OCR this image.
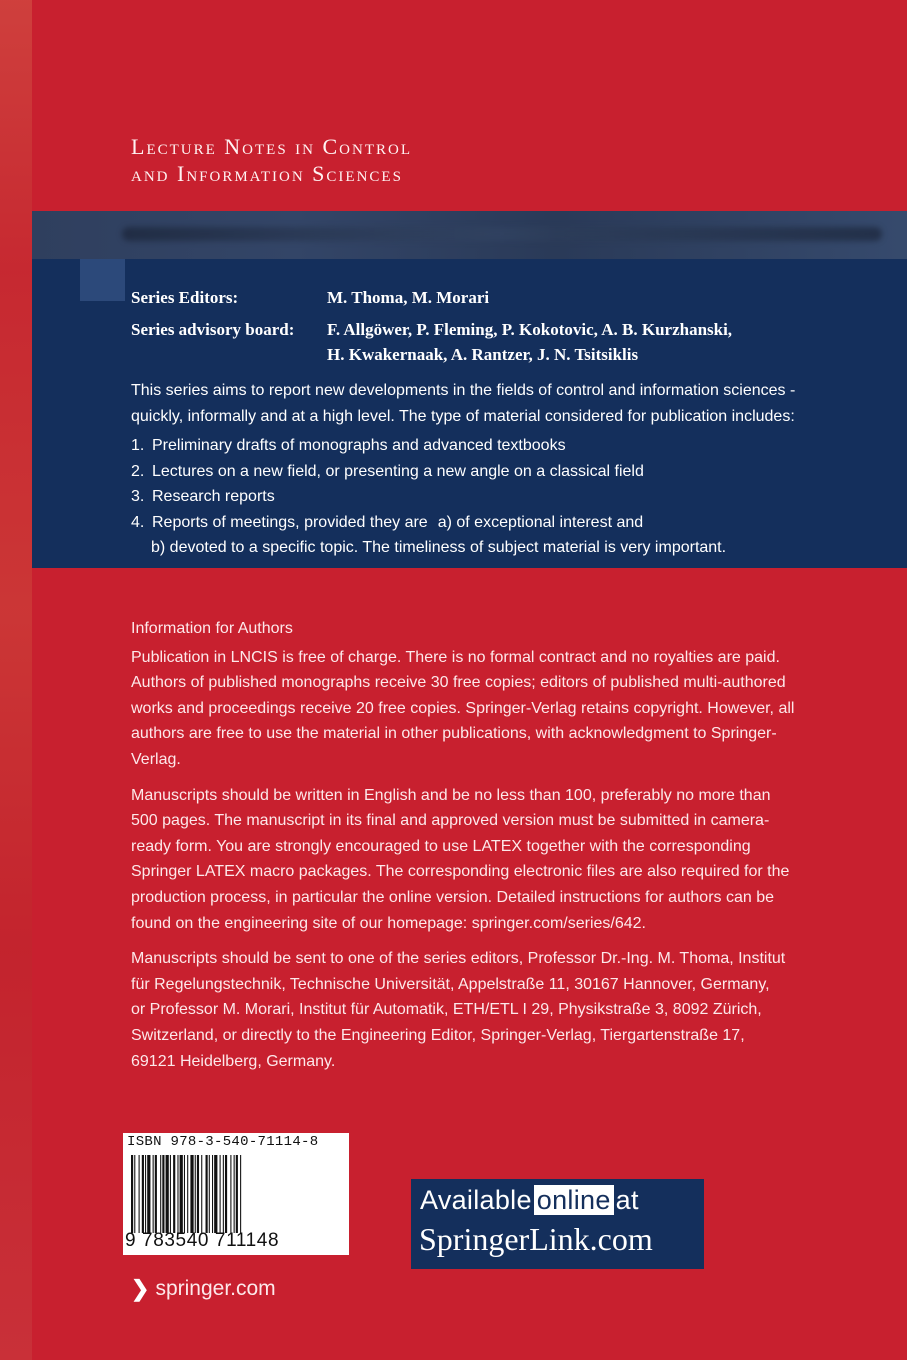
Lecture Notes in Control
and Information Sciences
Series Editors:	M. Thoma, M. Morari
Series advisory board:	F. Allgöwer, P. Fleming, P. Kokotovic, A. B. Kurzhanski,
H. Kwakernaak, A. Rantzer, J. N. Tsitsiklis

This series aims to report new developments in the fields of control and information sciences -
quickly, informally and at a high level. The type of material considered for publication includes:

1. Preliminary drafts of monographs and advanced textbooks
2. Lectures on a new field, or presenting a new angle on a classical field
3. Research reports
4. Reports of meetings, provided they are a) of exceptional interest and
b) devoted to a specific topic. The timeliness of subject material is very important.
Information for Authors

Publication in LNCIS is free of charge. There is no formal contract and no royalties are paid.
Authors of published monographs receive 30 free copies; editors of published multi-authored
works and proceedings receive 20 free copies. Springer-Verlag retains copyright. However, all
authors are free to use the material in other publications, with acknowledgment to Springer-
Verlag.

Manuscripts should be written in English and be no less than 100, preferably no more than
500 pages. The manuscript in its final and approved version must be submitted in camera-
ready form. You are strongly encouraged to use LATEX together with the corresponding
Springer LATEX macro packages. The corresponding electronic files are also required for the
production process, in particular the online version. Detailed instructions for authors can be
found on the engineering site of our homepage: springer.com/series/642.

Manuscripts should be sent to one of the series editors, Professor Dr.-Ing. M. Thoma, Institut
für Regelungstechnik, Technische Universität, Appelstraße 11, 30167 Hannover, Germany,
or Professor M. Morari, Institut für Automatik, ETH/ETL I 29, Physikstraße 3, 8092 Zürich,
Switzerland, or directly to the Engineering Editor, Springer-Verlag, Tiergartenstraße 17,
69121 Heidelberg, Germany.

ISBN 978-3-540-71114-8
9 783540 711148
Available online at
SpringerLink.com
❯ springer.com
